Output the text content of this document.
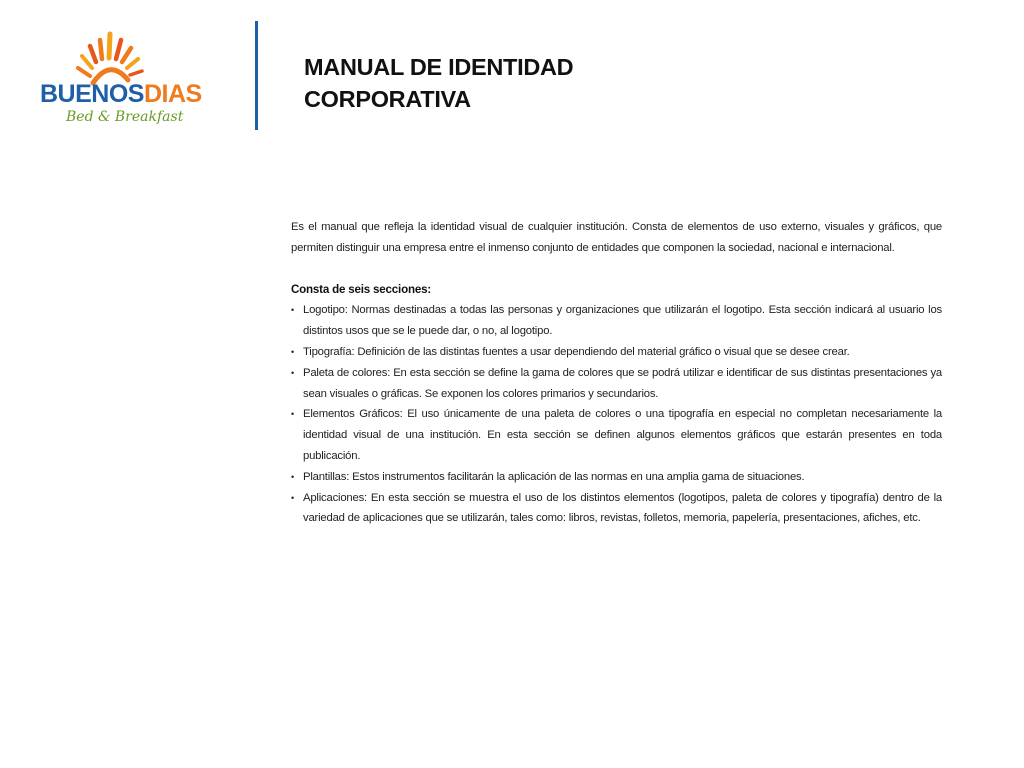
BUENOSDIAS
Bed & Breakfast
MANUAL DE IDENTIDAD
CORPORATIVA

Es el manual que refleja la identidad visual de cualquier institución. Consta de elementos de uso externo, visuales y gráficos, que permiten distinguir una empresa entre el inmenso conjunto de entidades que componen la sociedad, nacional e internacional.

Consta de seis secciones:

• Logotipo: Normas destinadas a todas las personas y organizaciones que utilizarán el logotipo. Esta sección indicará al usuario los distintos usos que se le puede dar, o no, al logotipo.
• Tipografía: Definición de las distintas fuentes a usar dependiendo del material gráfico o visual que se desee crear.
• Paleta de colores: En esta sección se define la gama de colores que se podrá utilizar e identificar de sus distintas presentaciones ya sean visuales o gráficas. Se exponen los colores primarios y secundarios.
• Elementos Gráficos: El uso únicamente de una paleta de colores o una tipografía en especial no completan necesariamente la identidad visual de una institución. En esta sección se definen algunos elementos gráficos que estarán presentes en toda publicación.
• Plantillas: Estos instrumentos facilitarán la aplicación de las normas en una amplia gama de situaciones.
• Aplicaciones: En esta sección se muestra el uso de los distintos elementos (logotipos, paleta de colores y tipografía) dentro de la variedad de aplicaciones que se utilizarán, tales como: libros, revistas, folletos, memoria, papelería, presentaciones, afiches, etc.
